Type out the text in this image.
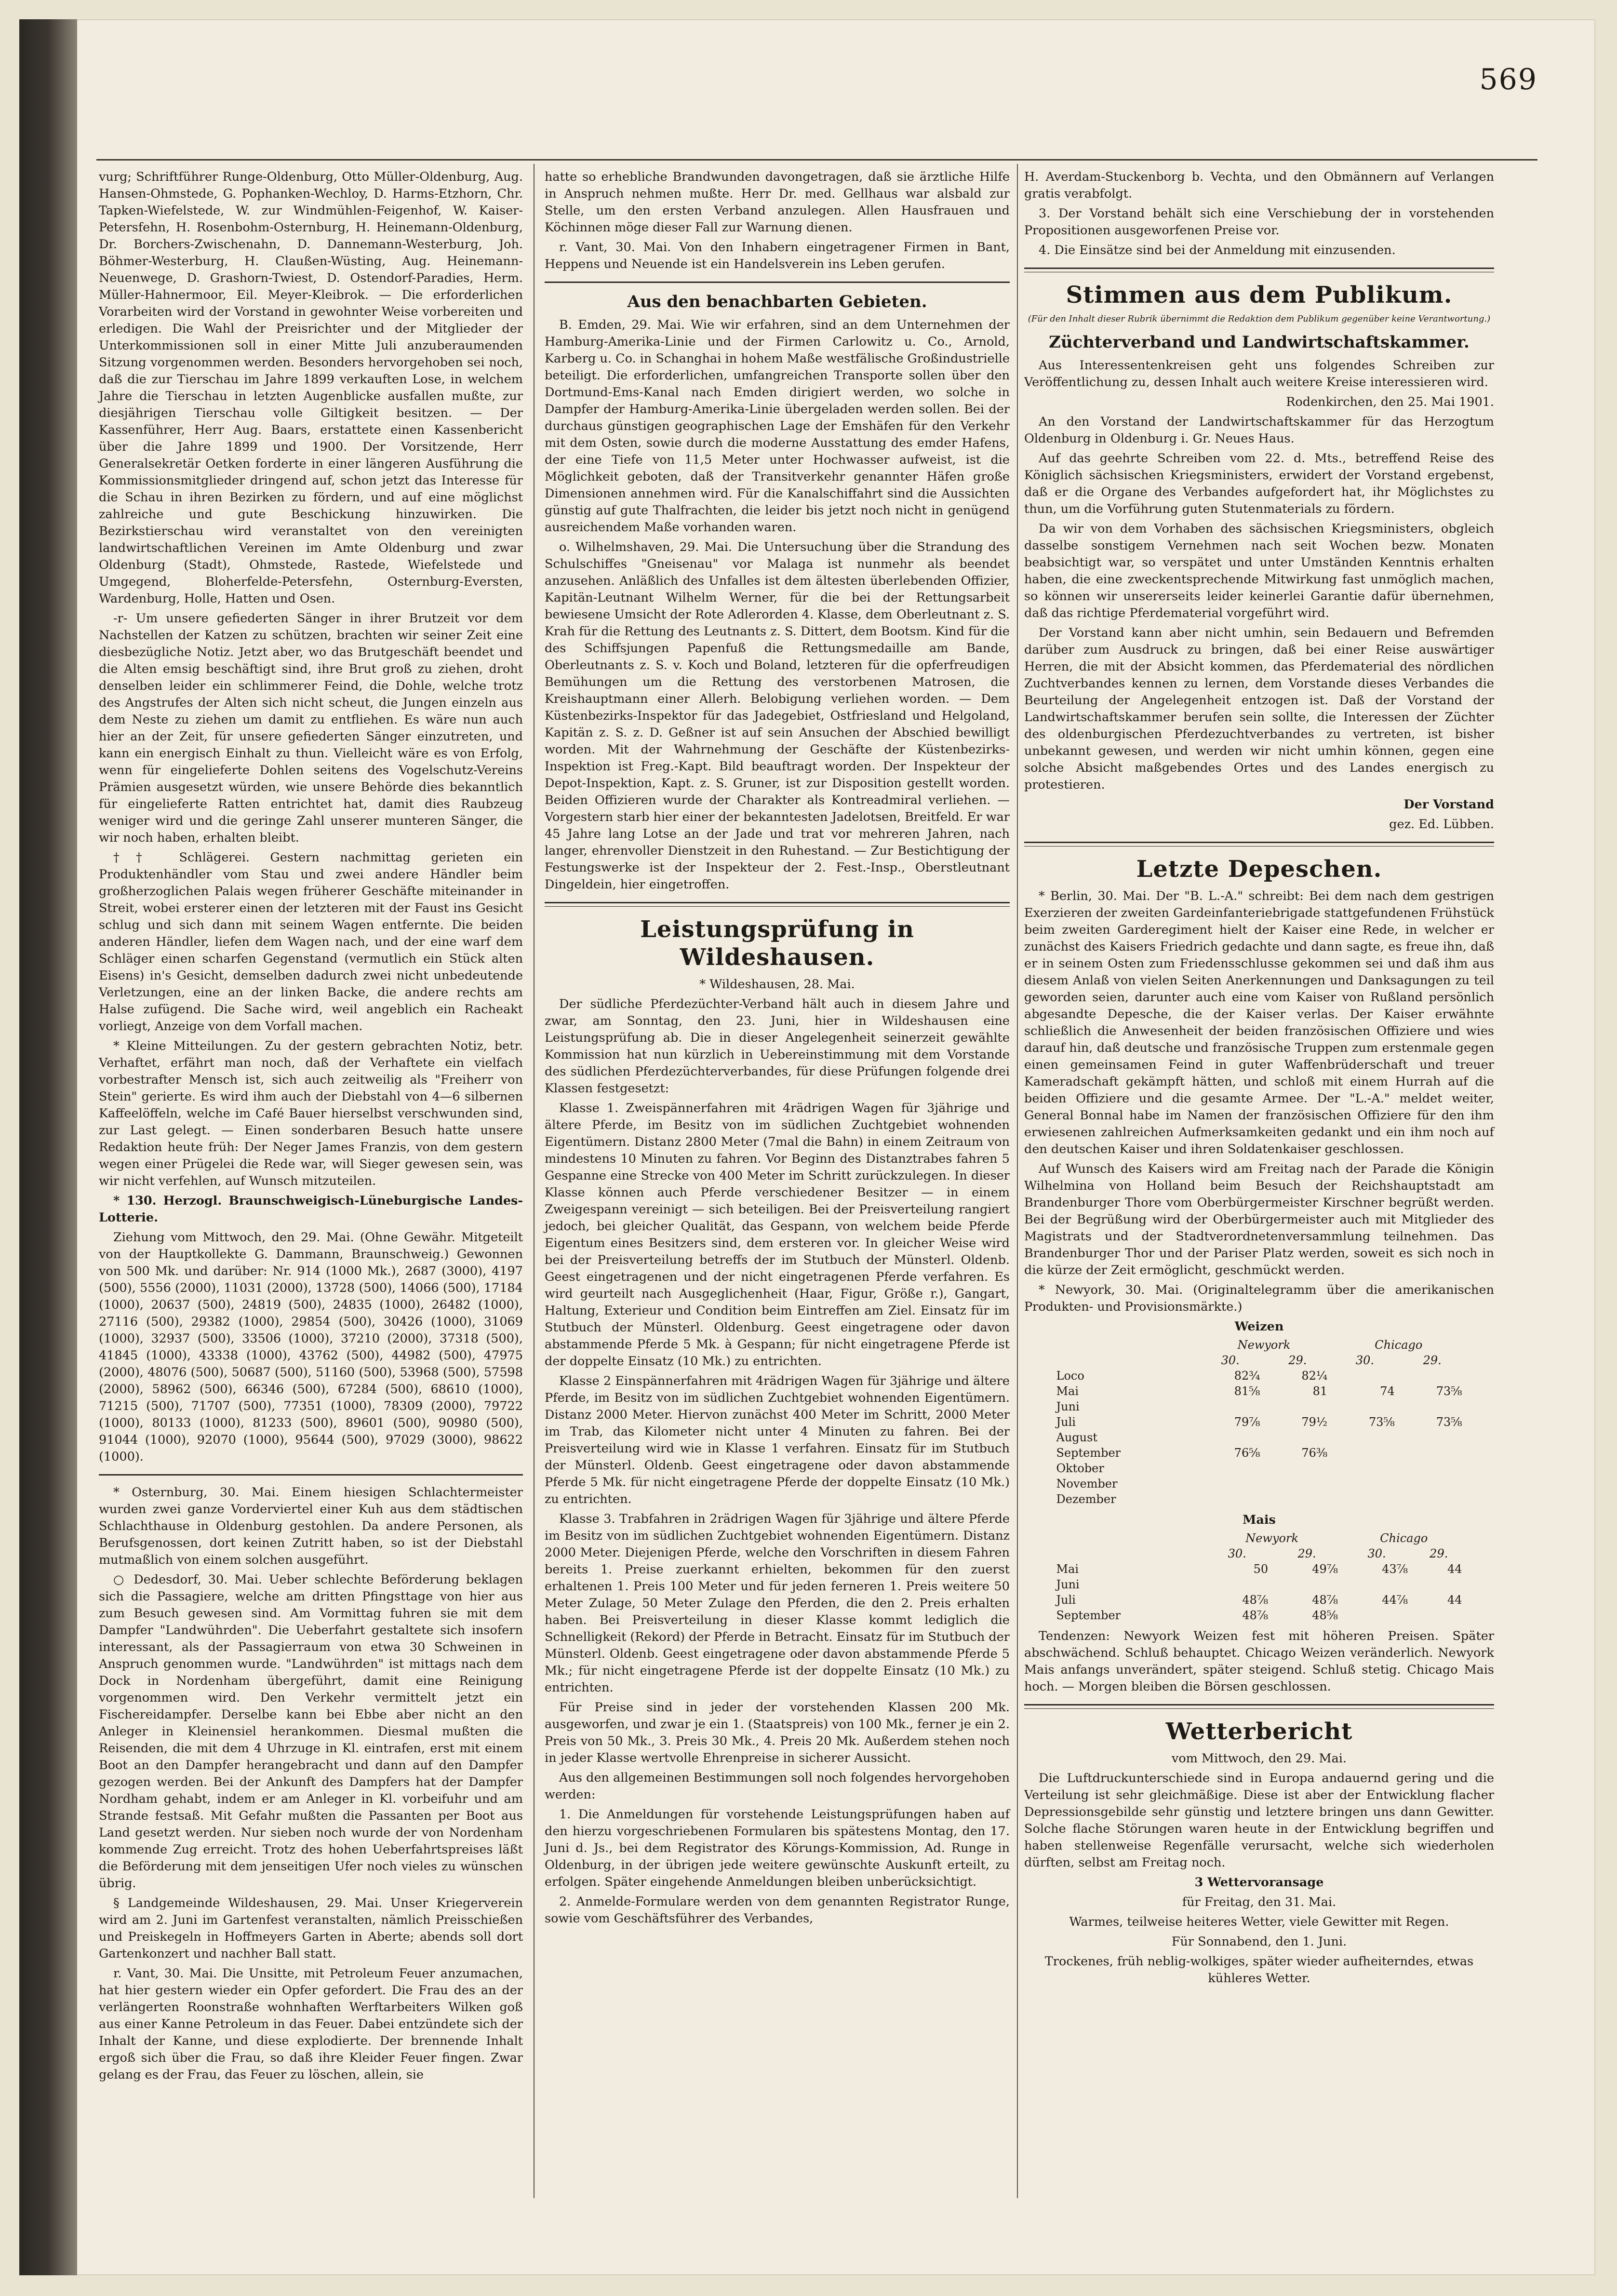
569

vurg; Schriftführer Runge-Oldenburg, Otto Müller-Oldenburg, Aug. Hansen-Ohmstede, G. Pophanken-Wechloy, D. Harms-Etzhorn, Chr. Tapken-Wiefelstede, W. zur Windmühlen-Feigenhof, W. Kaiser-Petersfehn, H. Rosenbohm-Osternburg, H. Heinemann-Oldenburg, Dr. Borchers-Zwischenahn, D. Dannemann-Westerburg, Joh. Böhmer-Westerburg, H. Claußen-Wüsting, Aug. Heinemann-Neuenwege, D. Grashorn-Twiest, D. Ostendorf-Paradies, Herm. Müller-Hahnermoor, Eil. Meyer-Kleibrok. — Die erforderlichen Vorarbeiten wird der Vorstand in gewohnter Weise vorbereiten und erledigen. Die Wahl der Preisrichter und der Mitglieder der Unterkommissionen soll in einer Mitte Juli anzuberaumenden Sitzung vorgenommen werden. Besonders hervorgehoben sei noch, daß die zur Tierschau im Jahre 1899 verkauften Lose, in welchem Jahre die Tierschau in letzten Augenblicke ausfallen mußte, zur diesjährigen Tierschau volle Giltigkeit besitzen. — Der Kassenführer, Herr Aug. Baars, erstattete einen Kassenbericht über die Jahre 1899 und 1900. Der Vorsitzende, Herr Generalsekretär Oetken forderte in einer längeren Ausführung die Kommissionsmitglieder dringend auf, schon jetzt das Interesse für die Schau in ihren Bezirken zu fördern, und auf eine möglichst zahlreiche und gute Beschickung hinzuwirken. Die Bezirkstierschau wird veranstaltet von den vereinigten landwirtschaftlichen Vereinen im Amte Oldenburg und zwar Oldenburg (Stadt), Ohmstede, Rastede, Wiefelstede und Umgegend, Bloherfelde-Petersfehn, Osternburg-Eversten, Wardenburg, Holle, Hatten und Osen.

-r- Um unsere gefiederten Sänger in ihrer Brutzeit vor dem Nachstellen der Katzen zu schützen, brachten wir seiner Zeit eine diesbezügliche Notiz. Jetzt aber, wo das Brutgeschäft beendet und die Alten emsig beschäftigt sind, ihre Brut groß zu ziehen, droht denselben leider ein schlimmerer Feind, die Dohle, welche trotz des Angstrufes der Alten sich nicht scheut, die Jungen einzeln aus dem Neste zu ziehen um damit zu entfliehen. Es wäre nun auch hier an der Zeit, für unsere gefiederten Sänger einzutreten, und kann ein energisch Einhalt zu thun. Vielleicht wäre es von Erfolg, wenn für eingelieferte Dohlen seitens des Vogelschutz-Vereins Prämien ausgesetzt würden, wie unsere Behörde dies bekanntlich für eingelieferte Ratten entrichtet hat, damit dies Raubzeug weniger wird und die geringe Zahl unserer munteren Sänger, die wir noch haben, erhalten bleibt.

†† Schlägerei. Gestern nachmittag gerieten ein Produktenhändler vom Stau und zwei andere Händler beim großherzoglichen Palais wegen früherer Geschäfte miteinander in Streit, wobei ersterer einen der letzteren mit der Faust ins Gesicht schlug und sich dann mit seinem Wagen entfernte. Die beiden anderen Händler, liefen dem Wagen nach, und der eine warf dem Schläger einen scharfen Gegenstand (vermutlich ein Stück alten Eisens) in's Gesicht, demselben dadurch zwei nicht unbedeutende Verletzungen, eine an der linken Backe, die andere rechts am Halse zufügend. Die Sache wird, weil angeblich ein Racheakt vorliegt, Anzeige von dem Vorfall machen.

* Kleine Mitteilungen. Zu der gestern gebrachten Notiz, betr. Verhaftet, erfährt man noch, daß der Verhaftete ein vielfach vorbestrafter Mensch ist, sich auch zeitweilig als "Freiherr von Stein" gerierte. Es wird ihm auch der Diebstahl von 4—6 silbernen Kaffeelöffeln, welche im Café Bauer hierselbst verschwunden sind, zur Last gelegt. — Einen sonderbaren Besuch hatte unsere Redaktion heute früh: Der Neger James Franzis, von dem gestern wegen einer Prügelei die Rede war, will Sieger gewesen sein, was wir nicht verfehlen, auf Wunsch mitzuteilen.

* 130. Herzogl. Braunschweigisch-Lüneburgische Landes-Lotterie.

Ziehung vom Mittwoch, den 29. Mai. (Ohne Gewähr. Mitgeteilt von der Hauptkollekte G. Dammann, Braunschweig.) Gewonnen von 500 Mk. und darüber: Nr. 914 (1000 Mk.), 2687 (3000), 4197 (500), 5556 (2000), 11031 (2000), 13728 (500), 14066 (500), 17184 (1000), 20637 (500), 24819 (500), 24835 (1000), 26482 (1000), 27116 (500), 29382 (1000), 29854 (500), 30426 (1000), 31069 (1000), 32937 (500), 33506 (1000), 37210 (2000), 37318 (500), 41845 (1000), 43338 (1000), 43762 (500), 44982 (500), 47975 (2000), 48076 (500), 50687 (500), 51160 (500), 53968 (500), 57598 (2000), 58962 (500), 66346 (500), 67284 (500), 68610 (1000), 71215 (500), 71707 (500), 77351 (1000), 78309 (2000), 79722 (1000), 80133 (1000), 81233 (500), 89601 (500), 90980 (500), 91044 (1000), 92070 (1000), 95644 (500), 97029 (3000), 98622 (1000).

* Osternburg, 30. Mai. Einem hiesigen Schlachtermeister wurden zwei ganze Vorderviertel einer Kuh aus dem städtischen Schlachthause in Oldenburg gestohlen. Da andere Personen, als Berufsgenossen, dort keinen Zutritt haben, so ist der Diebstahl mutmaßlich von einem solchen ausgeführt.

○ Dedesdorf, 30. Mai. Ueber schlechte Beförderung beklagen sich die Passagiere, welche am dritten Pfingsttage von hier aus zum Besuch gewesen sind. Am Vormittag fuhren sie mit dem Dampfer "Landwührden". Die Ueberfahrt gestaltete sich insofern interessant, als der Passagierraum von etwa 30 Schweinen in Anspruch genommen wurde. "Landwührden" ist mittags nach dem Dock in Nordenham übergeführt, damit eine Reinigung vorgenommen wird. Den Verkehr vermittelt jetzt ein Fischereidampfer. Derselbe kann bei Ebbe aber nicht an den Anleger in Kleinensiel herankommen. Diesmal mußten die Reisenden, die mit dem 4 Uhrzuge in Kl. eintrafen, erst mit einem Boot an den Dampfer herangebracht und dann auf den Dampfer gezogen werden. Bei der Ankunft des Dampfers hat der Dampfer Nordham gehabt, indem er am Anleger in Kl. vorbeifuhr und am Strande festsaß. Mit Gefahr mußten die Passanten per Boot aus Land gesetzt werden. Nur sieben noch wurde der von Nordenham kommende Zug erreicht. Trotz des hohen Ueberfahrtspreises läßt die Beförderung mit dem jenseitigen Ufer noch vieles zu wünschen übrig.

§ Landgemeinde Wildeshausen, 29. Mai. Unser Kriegerverein wird am 2. Juni im Gartenfest veranstalten, nämlich Preisschießen und Preiskegeln in Hoffmeyers Garten in Aberte; abends soll dort Gartenkonzert und nachher Ball statt.

r. Vant, 30. Mai. Die Unsitte, mit Petroleum Feuer anzumachen, hat hier gestern wieder ein Opfer gefordert. Die Frau des an der verlängerten Roonstraße wohnhaften Werftarbeiters Wilken goß aus einer Kanne Petroleum in das Feuer. Dabei entzündete sich der Inhalt der Kanne, und diese explodierte. Der brennende Inhalt ergoß sich über die Frau, so daß ihre Kleider Feuer fingen. Zwar gelang es der Frau, das Feuer zu löschen, allein, sie

hatte so erhebliche Brandwunden davongetragen, daß sie ärztliche Hilfe in Anspruch nehmen mußte. Herr Dr. med. Gellhaus war alsbald zur Stelle, um den ersten Verband anzulegen. Allen Hausfrauen und Köchinnen möge dieser Fall zur Warnung dienen.

r. Vant, 30. Mai. Von den Inhabern eingetragener Firmen in Bant, Heppens und Neuende ist ein Handelsverein ins Leben gerufen.

Aus den benachbarten Gebieten.

B. Emden, 29. Mai. Wie wir erfahren, sind an dem Unternehmen der Hamburg-Amerika-Linie und der Firmen Carlowitz u. Co., Arnold, Karberg u. Co. in Schanghai in hohem Maße westfälische Großindustrielle beteiligt. Die erforderlichen, umfangreichen Transporte sollen über den Dortmund-Ems-Kanal nach Emden dirigiert werden, wo solche in Dampfer der Hamburg-Amerika-Linie übergeladen werden sollen. Bei der durchaus günstigen geographischen Lage der Emshäfen für den Verkehr mit dem Osten, sowie durch die moderne Ausstattung des emder Hafens, der eine Tiefe von 11,5 Meter unter Hochwasser aufweist, ist die Möglichkeit geboten, daß der Transitverkehr genannter Häfen große Dimensionen annehmen wird. Für die Kanalschiffahrt sind die Aussichten günstig auf gute Thalfrachten, die leider bis jetzt noch nicht in genügend ausreichendem Maße vorhanden waren.

o. Wilhelmshaven, 29. Mai. Die Untersuchung über die Strandung des Schulschiffes "Gneisenau" vor Malaga ist nunmehr als beendet anzusehen. Anläßlich des Unfalles ist dem ältesten überlebenden Offizier, Kapitän-Leutnant Wilhelm Werner, für die bei der Rettungsarbeit bewiesene Umsicht der Rote Adlerorden 4. Klasse, dem Oberleutnant z. S. Krah für die Rettung des Leutnants z. S. Dittert, dem Bootsm. Kind für die des Schiffsjungen Papenfuß die Rettungsmedaille am Bande, Oberleutnants z. S. v. Koch und Boland, letzteren für die opferfreudigen Bemühungen um die Rettung des verstorbenen Matrosen, die Kreishauptmann einer Allerh. Belobigung verliehen worden. — Dem Küstenbezirks-Inspektor für das Jadegebiet, Ostfriesland und Helgoland, Kapitän z. S. z. D. Geßner ist auf sein Ansuchen der Abschied bewilligt worden. Mit der Wahrnehmung der Geschäfte der Küstenbezirks-Inspektion ist Freg.-Kapt. Bild beauftragt worden. Der Inspekteur der Depot-Inspektion, Kapt. z. S. Gruner, ist zur Disposition gestellt worden. Beiden Offizieren wurde der Charakter als Kontreadmiral verliehen. — Vorgestern starb hier einer der bekanntesten Jadelotsen, Breitfeld. Er war 45 Jahre lang Lotse an der Jade und trat vor mehreren Jahren, nach langer, ehrenvoller Dienstzeit in den Ruhestand. — Zur Bestichtigung der Festungswerke ist der Inspekteur der 2. Fest.-Insp., Oberstleutnant Dingeldein, hier eingetroffen.

Leistungsprüfung in Wildeshausen.

* Wildeshausen, 28. Mai.

Der südliche Pferdezüchter-Verband hält auch in diesem Jahre und zwar, am Sonntag, den 23. Juni, hier in Wildeshausen eine Leistungsprüfung ab. Die in dieser Angelegenheit seinerzeit gewählte Kommission hat nun kürzlich in Uebereinstimmung mit dem Vorstande des südlichen Pferdezüchterverbandes, für diese Prüfungen folgende drei Klassen festgesetzt:

Klasse 1. Zweispännerfahren mit 4rädrigen Wagen für 3jährige und ältere Pferde, im Besitz von im südlichen Zuchtgebiet wohnenden Eigentümern. Distanz 2800 Meter (7mal die Bahn) in einem Zeitraum von mindestens 10 Minuten zu fahren. Vor Beginn des Distanztrabes fahren 5 Gespanne eine Strecke von 400 Meter im Schritt zurückzulegen. In dieser Klasse können auch Pferde verschiedener Besitzer — in einem Zweigespann vereinigt — sich beteiligen. Bei der Preisverteilung rangiert jedoch, bei gleicher Qualität, das Gespann, von welchem beide Pferde Eigentum eines Besitzers sind, dem ersteren vor. In gleicher Weise wird bei der Preisverteilung betreffs der im Stutbuch der Münsterl. Oldenb. Geest eingetragenen und der nicht eingetragenen Pferde verfahren. Es wird geurteilt nach Ausgeglichenheit (Haar, Figur, Größe r.), Gangart, Haltung, Exterieur und Condition beim Eintreffen am Ziel. Einsatz für im Stutbuch der Münsterl. Oldenburg. Geest eingetragene oder davon abstammende Pferde 5 Mk. à Gespann; für nicht eingetragene Pferde ist der doppelte Einsatz (10 Mk.) zu entrichten.

Klasse 2 Einspännerfahren mit 4rädrigen Wagen für 3jährige und ältere Pferde, im Besitz von im südlichen Zuchtgebiet wohnenden Eigentümern. Distanz 2000 Meter. Hiervon zunächst 400 Meter im Schritt, 2000 Meter im Trab, das Kilometer nicht unter 4 Minuten zu fahren. Bei der Preisverteilung wird wie in Klasse 1 verfahren. Einsatz für im Stutbuch der Münsterl. Oldenb. Geest eingetragene oder davon abstammende Pferde 5 Mk. für nicht eingetragene Pferde der doppelte Einsatz (10 Mk.) zu entrichten.

Klasse 3. Trabfahren in 2rädrigen Wagen für 3jährige und ältere Pferde im Besitz von im südlichen Zuchtgebiet wohnenden Eigentümern. Distanz 2000 Meter. Diejenigen Pferde, welche den Vorschriften in diesem Fahren bereits 1. Preise zuerkannt erhielten, bekommen für den zuerst erhaltenen 1. Preis 100 Meter und für jeden ferneren 1. Preis weitere 50 Meter Zulage, 50 Meter Zulage den Pferden, die den 2. Preis erhalten haben. Bei Preisverteilung in dieser Klasse kommt lediglich die Schnelligkeit (Rekord) der Pferde in Betracht. Einsatz für im Stutbuch der Münsterl. Oldenb. Geest eingetragene oder davon abstammende Pferde 5 Mk.; für nicht eingetragene Pferde ist der doppelte Einsatz (10 Mk.) zu entrichten.

Für Preise sind in jeder der vorstehenden Klassen 200 Mk. ausgeworfen, und zwar je ein 1. (Staatspreis) von 100 Mk., ferner je ein 2. Preis von 50 Mk., 3. Preis 30 Mk., 4. Preis 20 Mk. Außerdem stehen noch in jeder Klasse wertvolle Ehrenpreise in sicherer Aussicht.

Aus den allgemeinen Bestimmungen soll noch folgendes hervorgehoben werden:

1. Die Anmeldungen für vorstehende Leistungsprüfungen haben auf den hierzu vorgeschriebenen Formularen bis spätestens Montag, den 17. Juni d. Js., bei dem Registrator des Körungs-Kommission, Ad. Runge in Oldenburg, in der übrigen jede weitere gewünschte Auskunft erteilt, zu erfolgen. Später eingehende Anmeldungen bleiben unberücksichtigt.

2. Anmelde-Formulare werden von dem genannten Registrator Runge, sowie vom Geschäftsführer des Verbandes,

H. Averdam-Stuckenborg b. Vechta, und den Obmännern auf Verlangen gratis verabfolgt.

3. Der Vorstand behält sich eine Verschiebung der in vorstehenden Propositionen ausgeworfenen Preise vor.

4. Die Einsätze sind bei der Anmeldung mit einzusenden.

Stimmen aus dem Publikum.
(Für den Inhalt dieser Rubrik übernimmt die Redaktion dem Publikum gegenüber keine Verantwortung.)
Züchterverband und Landwirtschaftskammer.

Aus Interessentenkreisen geht uns folgendes Schreiben zur Veröffentlichung zu, dessen Inhalt auch weitere Kreise interessieren wird.

Rodenkirchen, den 25. Mai 1901.

An den Vorstand der Landwirtschaftskammer für das Herzogtum Oldenburg in Oldenburg i. Gr. Neues Haus.

Auf das geehrte Schreiben vom 22. d. Mts., betreffend Reise des Königlich sächsischen Kriegsministers, erwidert der Vorstand ergebenst, daß er die Organe des Verbandes aufgefordert hat, ihr Möglichstes zu thun, um die Vorführung guten Stutenmaterials zu fördern.

Da wir von dem Vorhaben des sächsischen Kriegsministers, obgleich dasselbe sonstigem Vernehmen nach seit Wochen bezw. Monaten beabsichtigt war, so verspätet und unter Umständen Kenntnis erhalten haben, die eine zweckentsprechende Mitwirkung fast unmöglich machen, so können wir unsererseits leider keinerlei Garantie dafür übernehmen, daß das richtige Pferdematerial vorgeführt wird.

Der Vorstand kann aber nicht umhin, sein Bedauern und Befremden darüber zum Ausdruck zu bringen, daß bei einer Reise auswärtiger Herren, die mit der Absicht kommen, das Pferdematerial des nördlichen Zuchtverbandes kennen zu lernen, dem Vorstande dieses Verbandes die Beurteilung der Angelegenheit entzogen ist. Daß der Vorstand der Landwirtschaftskammer berufen sein sollte, die Interessen der Züchter des oldenburgischen Pferdezuchtverbandes zu vertreten, ist bisher unbekannt gewesen, und werden wir nicht umhin können, gegen eine solche Absicht maßgebendes Ortes und des Landes energisch zu protestieren.

Der Vorstand

gez. Ed. Lübben.

Letzte Depeschen.

* Berlin, 30. Mai. Der "B. L.-A." schreibt: Bei dem nach dem gestrigen Exerzieren der zweiten Gardeinfanteriebrigade stattgefundenen Frühstück beim zweiten Garderegiment hielt der Kaiser eine Rede, in welcher er zunächst des Kaisers Friedrich gedachte und dann sagte, es freue ihn, daß er in seinem Osten zum Friedensschlusse gekommen sei und daß ihm aus diesem Anlaß von vielen Seiten Anerkennungen und Danksagungen zu teil geworden seien, darunter auch eine vom Kaiser von Rußland persönlich abgesandte Depesche, die der Kaiser verlas. Der Kaiser erwähnte schließlich die Anwesenheit der beiden französischen Offiziere und wies darauf hin, daß deutsche und französische Truppen zum erstenmale gegen einen gemeinsamen Feind in guter Waffenbrüderschaft und treuer Kameradschaft gekämpft hätten, und schloß mit einem Hurrah auf die beiden Offiziere und die gesamte Armee. Der "L.-A." meldet weiter, General Bonnal habe im Namen der französischen Offiziere für den ihm erwiesenen zahlreichen Aufmerksamkeiten gedankt und ein ihm noch auf den deutschen Kaiser und ihren Soldatenkaiser geschlossen.

Auf Wunsch des Kaisers wird am Freitag nach der Parade die Königin Wilhelmina von Holland beim Besuch der Reichshauptstadt am Brandenburger Thore vom Oberbürgermeister Kirschner begrüßt werden. Bei der Begrüßung wird der Oberbürgermeister auch mit Mitglieder des Magistrats und der Stadtverordnetenversammlung teilnehmen. Das Brandenburger Thor und der Pariser Platz werden, soweit es sich noch in die kürze der Zeit ermöglicht, geschmückt werden.

* Newyork, 30. Mai. (Originaltelegramm über die amerikanischen Produkten- und Provisionsmärkte.)

Weizen
	Newyork		Chicago	
	30.	29.	30.	29.
Loco	82¾	82¼		
Mai	81⅝	81	74	73⅝
Juni				
Juli	79⅞	79½	73⅝	73⅝
August				
September	76⅝	76⅜		
Oktober				
November				
Dezember				
Mais
	Newyork		Chicago	
	30.	29.	30.	29.
Mai	50	49⅞	43⅞	44
Juni				
Juli	48⅞	48⅞	44⅞	44
September	48⅞	48⅝		

Tendenzen: Newyork Weizen fest mit höheren Preisen. Später abschwächend. Schluß behauptet. Chicago Weizen veränderlich. Newyork Mais anfangs unverändert, später steigend. Schluß stetig. Chicago Mais hoch. — Morgen bleiben die Börsen geschlossen.

Wetterbericht

vom Mittwoch, den 29. Mai.

Die Luftdruckunterschiede sind in Europa andauernd gering und die Verteilung ist sehr gleichmäßige. Diese ist aber der Entwicklung flacher Depressionsgebilde sehr günstig und letztere bringen uns dann Gewitter. Solche flache Störungen waren heute in der Entwicklung begriffen und haben stellenweise Regenfälle verursacht, welche sich wiederholen dürften, selbst am Freitag noch.

3 Wettervoransage

für Freitag, den 31. Mai.

Warmes, teilweise heiteres Wetter, viele Gewitter mit Regen.

Für Sonnabend, den 1. Juni.

Trockenes, früh neblig-wolkiges, später wieder aufheiterndes, etwas kühleres Wetter.
